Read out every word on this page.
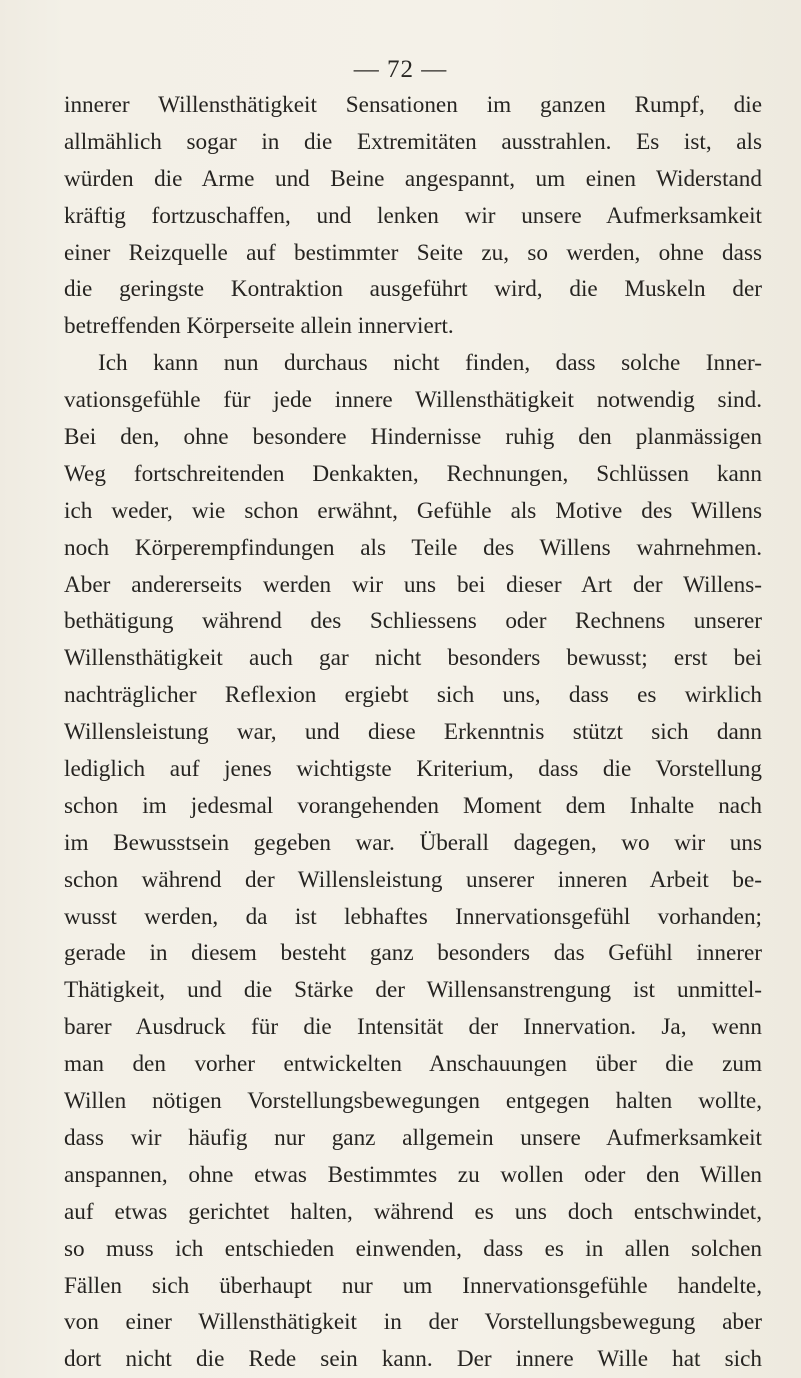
— 72 —
innerer Willensthätigkeit Sensationen im ganzen Rumpf, die
allmählich sogar in die Extremitäten ausstrahlen. Es ist, als
würden die Arme und Beine angespannt, um einen Widerstand
kräftig fortzuschaffen, und lenken wir unsere Aufmerksamkeit
einer Reizquelle auf bestimmter Seite zu, so werden, ohne dass
die geringste Kontraktion ausgeführt wird, die Muskeln der
betreffenden Körperseite allein innerviert.
Ich kann nun durchaus nicht finden, dass solche Inner-
vationsgefühle für jede innere Willensthätigkeit notwendig sind.
Bei den, ohne besondere Hindernisse ruhig den planmässigen
Weg fortschreitenden Denkakten, Rechnungen, Schlüssen kann
ich weder, wie schon erwähnt, Gefühle als Motive des Willens
noch Körperempfindungen als Teile des Willens wahrnehmen.
Aber andererseits werden wir uns bei dieser Art der Willens-
bethätigung während des Schliessens oder Rechnens unserer
Willensthätigkeit auch gar nicht besonders bewusst; erst bei
nachträglicher Reflexion ergiebt sich uns, dass es wirklich
Willensleistung war, und diese Erkenntnis stützt sich dann
lediglich auf jenes wichtigste Kriterium, dass die Vorstellung
schon im jedesmal vorangehenden Moment dem Inhalte nach
im Bewusstsein gegeben war. Überall dagegen, wo wir uns
schon während der Willensleistung unserer inneren Arbeit be-
wusst werden, da ist lebhaftes Innervationsgefühl vorhanden;
gerade in diesem besteht ganz besonders das Gefühl innerer
Thätigkeit, und die Stärke der Willensanstrengung ist unmittel-
barer Ausdruck für die Intensität der Innervation. Ja, wenn
man den vorher entwickelten Anschauungen über die zum
Willen nötigen Vorstellungsbewegungen entgegen halten wollte,
dass wir häufig nur ganz allgemein unsere Aufmerksamkeit
anspannen, ohne etwas Bestimmtes zu wollen oder den Willen
auf etwas gerichtet halten, während es uns doch entschwindet,
so muss ich entschieden einwenden, dass es in allen solchen
Fällen sich überhaupt nur um Innervationsgefühle handelte,
von einer Willensthätigkeit in der Vorstellungsbewegung aber
dort nicht die Rede sein kann. Der innere Wille hat sich
